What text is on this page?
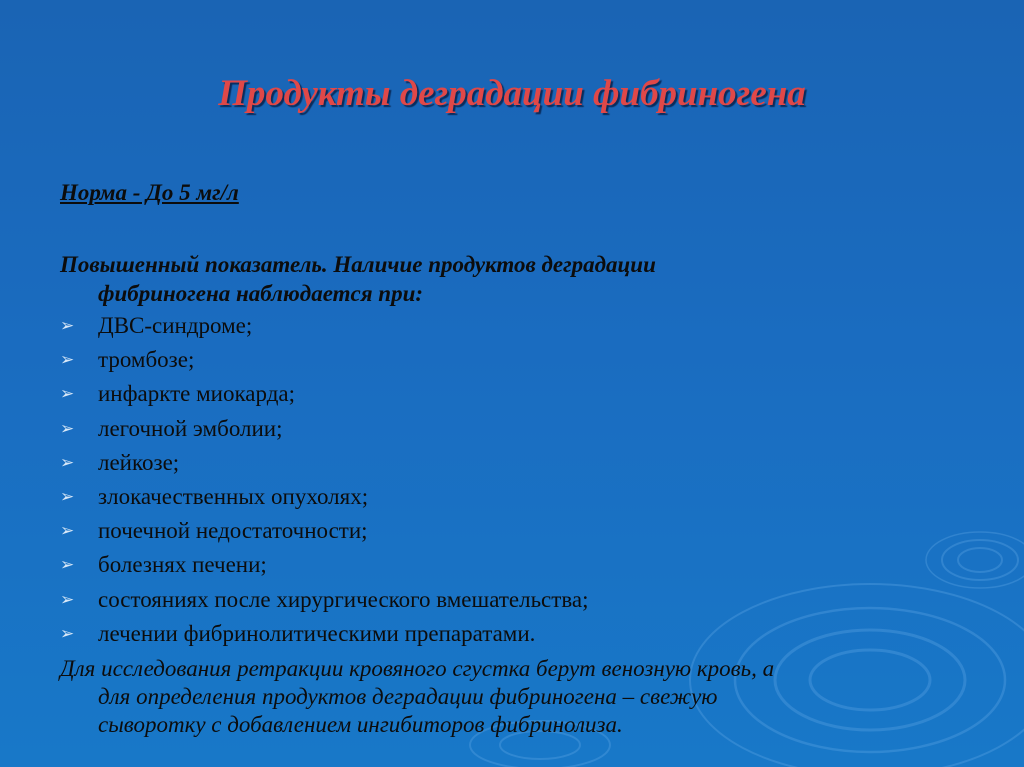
Продукты деградации фибриногена

Норма - До 5 мг/л

Повышенный показатель. Наличие продуктов деградации
фибриногена наблюдается при:

➢ ДВС-синдроме;
➢ тромбозе;
➢ инфаркте миокарда;
➢ легочной эмболии;
➢ лейкозе;
➢ злокачественных опухолях;
➢ почечной недостаточности;
➢ болезнях печени;
➢ состояниях после хирургического вмешательства;
➢ лечении фибринолитическими препаратами.

Для исследования ретракции кровяного сгустка берут венозную кровь, а
для определения продуктов деградации фибриногена – свежую
сыворотку с добавлением ингибиторов фибринолиза.
